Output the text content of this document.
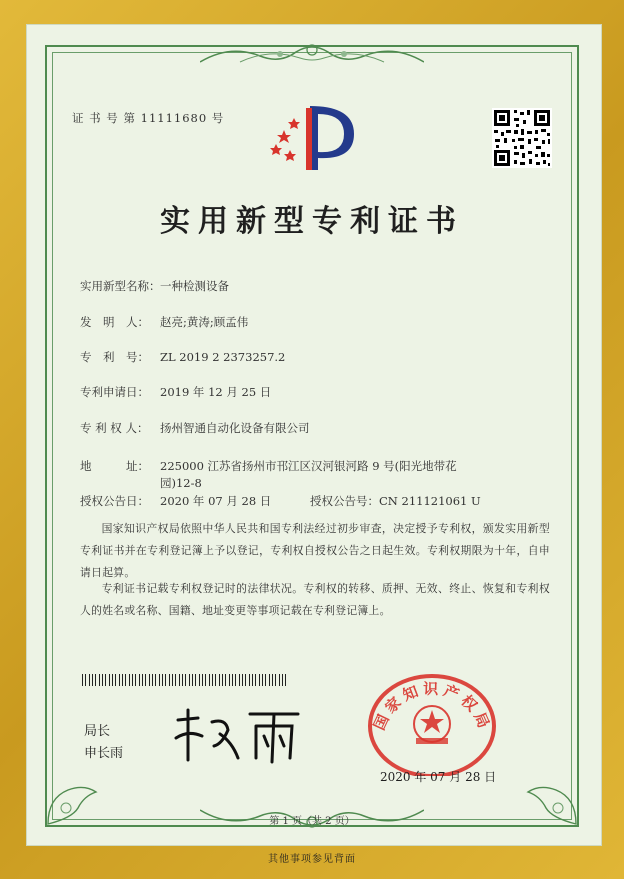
证 书 号 第 11111680 号
实用新型专利证书
实用新型名称：一种检测设备
发　明　人： 赵亮;黄涛;顾孟伟
专　利　号： ZL 2019 2 2373257.2
专利申请日： 2019 年 12 月 25 日
专 利 权 人： 扬州智通自动化设备有限公司
地　　　址： 225000 江苏省扬州市邗江区汉河银河路 9 号(阳光地带花园)12-8
授权公告日： 2020 年 07 月 28 日	授权公告号：CN 211121061 U
国家知识产权局依照中华人民共和国专利法经过初步审查，决定授予专利权，颁发实用新型专利证书并在专利登记簿上予以登记，专利权自授权公告之日起生效。专利权期限为十年，自申请日起算。
专利证书记载专利权登记时的法律状况。专利权的转移、质押、无效、终止、恢复和专利权人的姓名或名称、国籍、地址变更等事项记载在专利登记簿上。
局长
申长雨
国家知识产权局
2020 年 07 月 28 日
第 1 页（共 2 页）
其他事项参见背面
